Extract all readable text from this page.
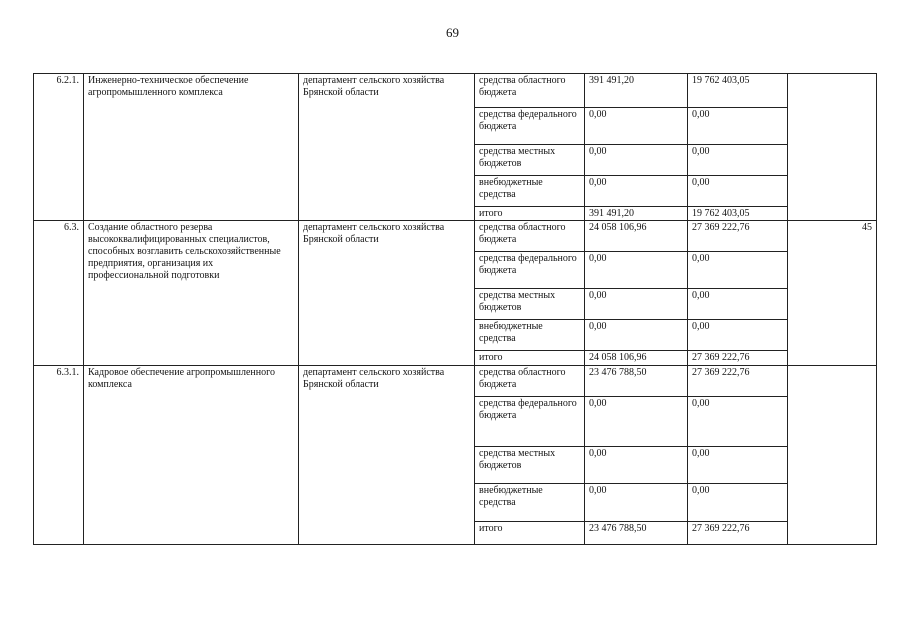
69
6.2.1.	Инженерно-техническое обеспечение агропромышленного комплекса	департамент сельского хозяйства Брянской области	средства областного бюджета	391 491,20	19 762 403,05	
			средства федерального бюджета	0,00	0,00	
			средства местных бюджетов	0,00	0,00	
			внебюджетные средства	0,00	0,00	
			итого	391 491,20	19 762 403,05	
6.3.	Создание областного резерва высококвалифицированных специалистов, способных возглавить сельскохозяйственные предприятия, организация их профессиональной подготовки	департамент сельского хозяйства Брянской области	средства областного бюджета	24 058 106,96	27 369 222,76	45
			средства федерального бюджета	0,00	0,00	
			средства местных бюджетов	0,00	0,00	
			внебюджетные средства	0,00	0,00	
			итого	24 058 106,96	27 369 222,76	
6.3.1.	Кадровое обеспечение агропромышленного комплекса	департамент сельского хозяйства Брянской области	средства областного бюджета	23 476 788,50	27 369 222,76	
			средства федерального бюджета	0,00	0,00	
			средства местных бюджетов	0,00	0,00	
			внебюджетные средства	0,00	0,00	
			итого	23 476 788,50	27 369 222,76	
